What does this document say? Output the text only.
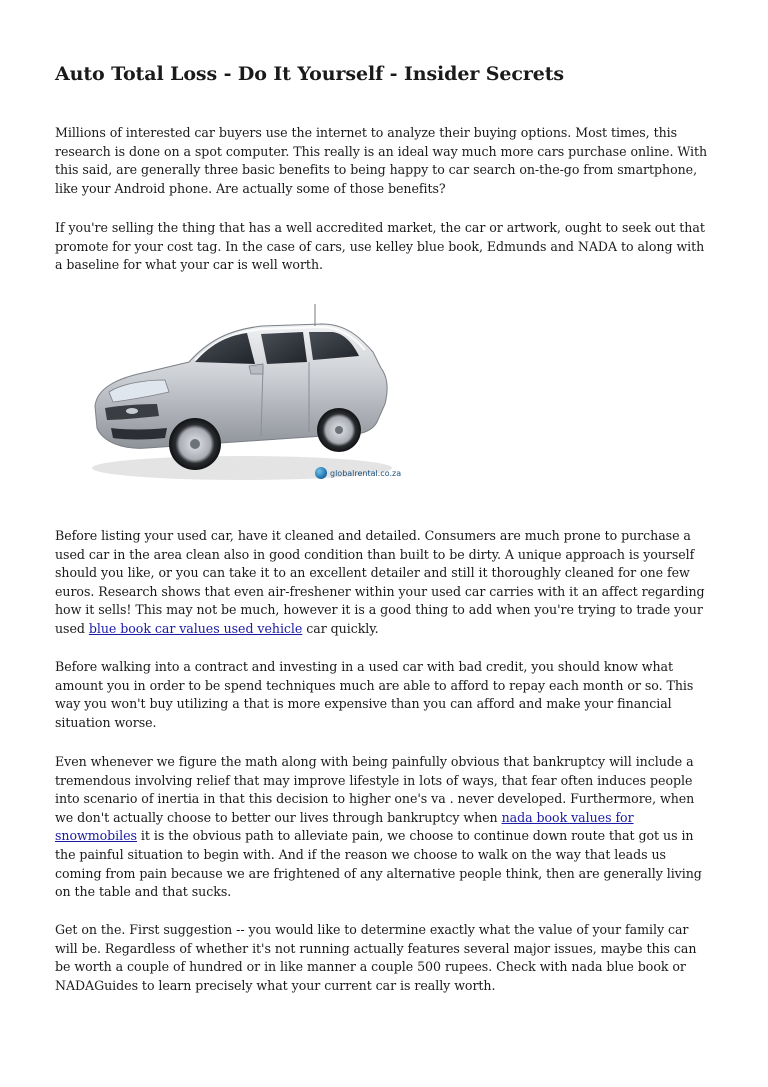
Auto Total Loss - Do It Yourself - Insider Secrets

Millions of interested car buyers use the internet to analyze their buying options. Most times, this research is done on a spot computer. This really is an ideal way much more cars purchase online. With this said, are generally three basic benefits to being happy to car search on-the-go from smartphone, like your Android phone. Are actually some of those benefits?

If you're selling the thing that has a well accredited market, the car or artwork, ought to seek out that promote for your cost tag. In the case of cars, use kelley blue book, Edmunds and NADA to along with a baseline for what your car is well worth.

globalrental.co.za

Before listing your used car, have it cleaned and detailed. Consumers are much prone to purchase a used car in the area clean also in good condition than built to be dirty. A unique approach is yourself should you like, or you can take it to an excellent detailer and still it thoroughly cleaned for one few euros. Research shows that even air-freshener within your used car carries with it an affect regarding how it sells! This may not be much, however it is a good thing to add when you're trying to trade your used blue book car values used vehicle car quickly.

Before walking into a contract and investing in a used car with bad credit, you should know what amount you in order to be spend techniques much are able to afford to repay each month or so. This way you won't buy utilizing a that is more expensive than you can afford and make your financial situation worse.

Even whenever we figure the math along with being painfully obvious that bankruptcy will include a tremendous involving relief that may improve lifestyle in lots of ways, that fear often induces people into scenario of inertia in that this decision to higher one's va . never developed. Furthermore, when we don't actually choose to better our lives through bankruptcy when nada book values for snowmobiles it is the obvious path to alleviate pain, we choose to continue down route that got us in the painful situation to begin with. And if the reason we choose to walk on the way that leads us coming from pain because we are frightened of any alternative people think, then are generally living on the table and that sucks.

Get on the. First suggestion -- you would like to determine exactly what the value of your family car will be. Regardless of whether it's not running actually features several major issues, maybe this can be worth a couple of hundred or in like manner a couple 500 rupees. Check with nada blue book or NADAGuides to learn precisely what your current car is really worth.
